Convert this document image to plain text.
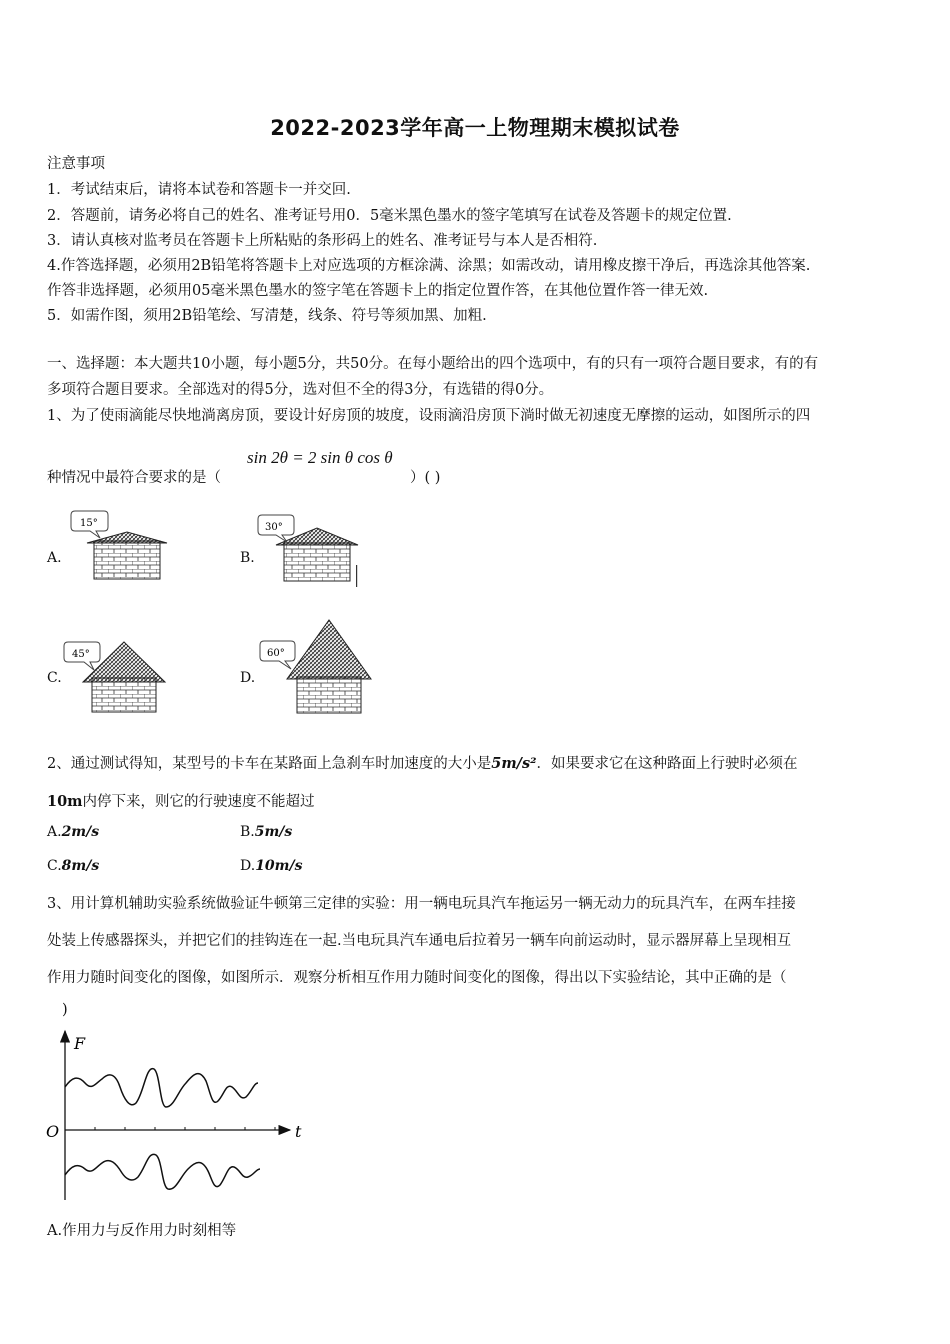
2022-2023学年高一上物理期末模拟试卷
注意事项
1．考试结束后，请将本试卷和答题卡一并交回.
2．答题前，请务必将自己的姓名、准考证号用0．5毫米黑色墨水的签字笔填写在试卷及答题卡的规定位置.
3．请认真核对监考员在答题卡上所粘贴的条形码上的姓名、准考证号与本人是否相符.
4.作答选择题，必须用2B铅笔将答题卡上对应选项的方框涂满、涂黑；如需改动，请用橡皮擦干净后，再选涂其他答案.
作答非选择题，必须用05毫米黑色墨水的签字笔在答题卡上的指定位置作答，在其他位置作答一律无效.
5．如需作图，须用2B铅笔绘、写清楚，线条、符号等须加黑、加粗.
一、选择题：本大题共10小题，每小题5分，共50分。在每小题给出的四个选项中，有的只有一项符合题目要求，有的有
多项符合题目要求。全部选对的得5分，选对但不全的得3分，有选错的得0分。
1、为了使雨滴能尽快地淌离房顶，要设计好房顶的坡度，设雨滴沿房顶下淌时做无初速度无摩擦的运动，如图所示的四
种情况中最符合要求的是（
sin 2θ = 2 sin θ cos θ
）( )
A.	B.
C.	D.
15°	30°
45°	60°
2、通过测试得知，某型号的卡车在某路面上急刹车时加速度的大小是5m/s²．如果要求它在这种路面上行驶时必须在
10m内停下来，则它的行驶速度不能超过
A.2m/s	B.5m/s
C.8m/s	D.10m/s
3、用计算机辅助实验系统做验证牛顿第三定律的实验：用一辆电玩具汽车拖运另一辆无动力的玩具汽车，在两车挂接
处装上传感器探头，并把它们的挂钩连在一起.当电玩具汽车通电后拉着另一辆车向前运动时，显示器屏幕上呈现相互
作用力随时间变化的图像，如图所示．观察分析相互作用力随时间变化的图像，得出以下实验结论，其中正确的是（
)
F
t
O
A.作用力与反作用力时刻相等
